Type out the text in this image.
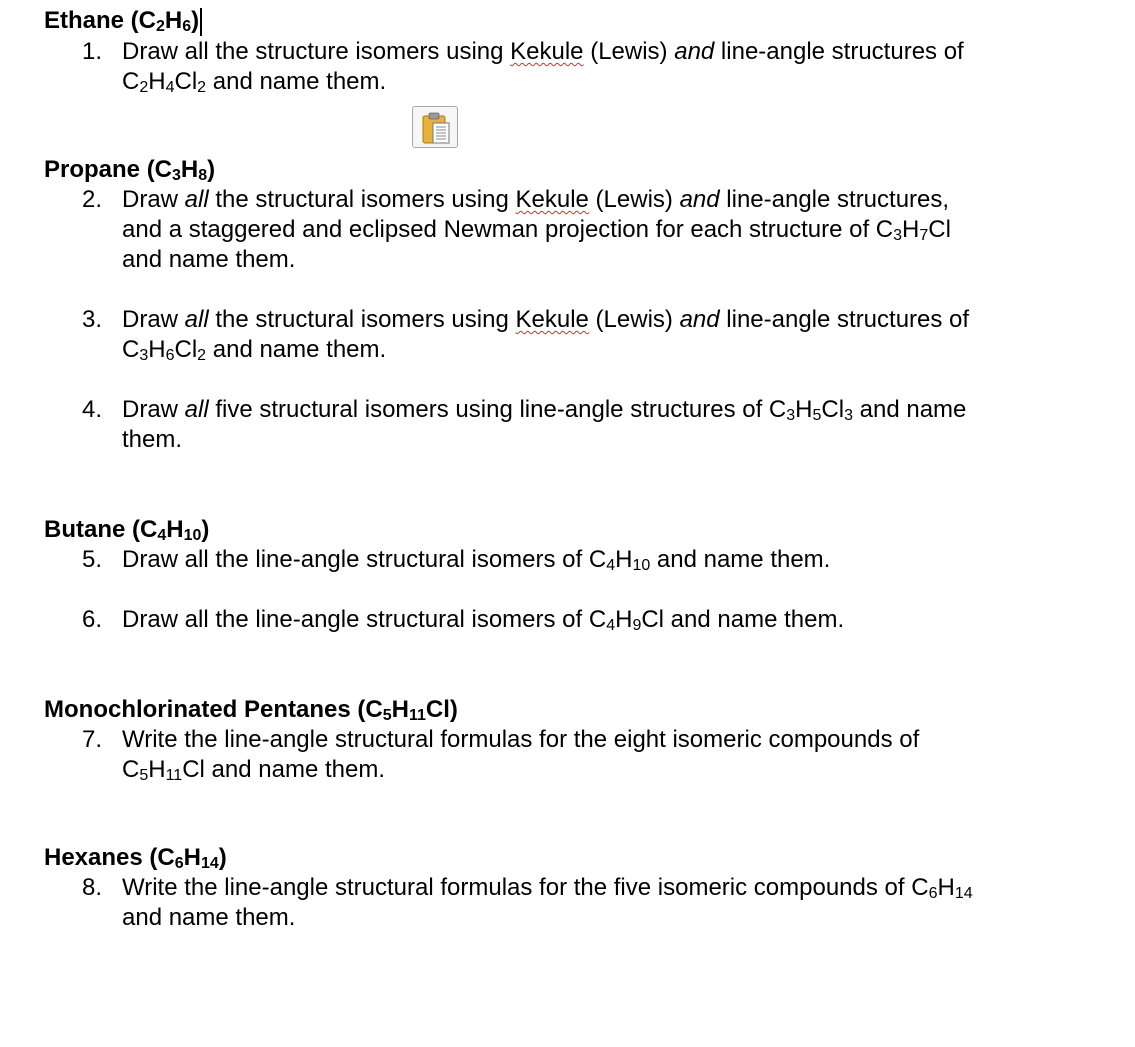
Ethane $(C_2H_6)$
1. Draw all the structure isomers using Kekule (Lewis) and line-angle structures of
$C_2H_4Cl_2$ and name them.
Propane $(C_3H_8)$
2. Draw all the structural isomers using Kekule (Lewis) and line-angle structures,
and a staggered and eclipsed Newman projection for each structure of $C_3H_7Cl$
and name them.
3. Draw all the structural isomers using Kekule (Lewis) and line-angle structures of
$C_3H_6Cl_2$ and name them.
4. Draw all five structural isomers using line-angle structures of $C_3H_5Cl_3$ and name
them.
Butane $(C_4H_{10})$
5. Draw all the line-angle structural isomers of $C_4H_{10}$ and name them.
6. Draw all the line-angle structural isomers of $C_4H_9Cl$ and name them.
Monochlorinated Pentanes $(C_5H_{11}Cl)$
7. Write the line-angle structural formulas for the eight isomeric compounds of
$C_5H_{11}Cl$ and name them.
Hexanes $(C_6H_{14})$
8. Write the line-angle structural formulas for the five isomeric compounds of $C_6H_{14}$
and name them.
